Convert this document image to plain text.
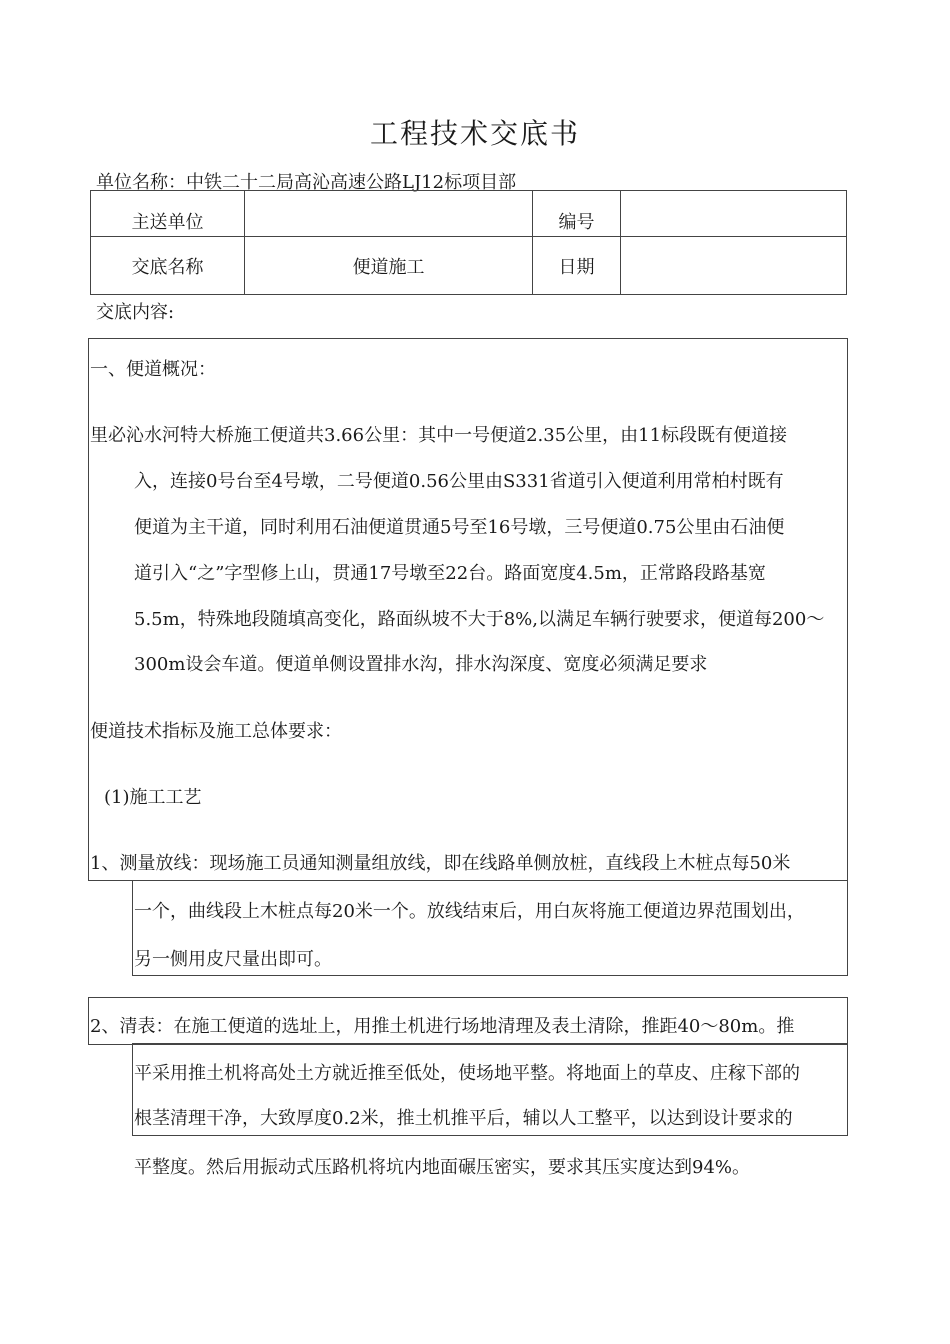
工程技术交底书
单位名称：中铁二十二局高沁高速公路LJ12标项目部
主送单位		编号	
交底名称	便道施工	日期	
交底内容:
一、便道概况：
里必沁水河特大桥施工便道共3.66公里：其中一号便道2.35公里，由11标段既有便道接
入，连接0号台至4号墩，二号便道0.56公里由S331省道引入便道利用常柏村既有
便道为主干道，同时利用石油便道贯通5号至16号墩，三号便道0.75公里由石油便
道引入“之”字型修上山，贯通17号墩至22台。路面宽度4.5m，正常路段路基宽
5.5m，特殊地段随填高变化，路面纵坡不大于8%,以满足车辆行驶要求，便道每200〜
300m设会车道。便道单侧设置排水沟，排水沟深度、宽度必须满足要求
便道技术指标及施工总体要求：
(1)施工工艺
1、测量放线：现场施工员通知测量组放线，即在线路单侧放桩，直线段上木桩点每50米
一个，曲线段上木桩点每20米一个。放线结束后，用白灰将施工便道边界范围划出，
另一侧用皮尺量出即可。
2、清表：在施工便道的选址上，用推土机进行场地清理及表土清除，推距40〜80m。推
平采用推土机将高处土方就近推至低处，使场地平整。将地面上的草皮、庄稼下部的
根茎清理干净，大致厚度0.2米，推土机推平后，辅以人工整平，以达到设计要求的
平整度。然后用振动式压路机将坑内地面碾压密实，要求其压实度达到94%。
